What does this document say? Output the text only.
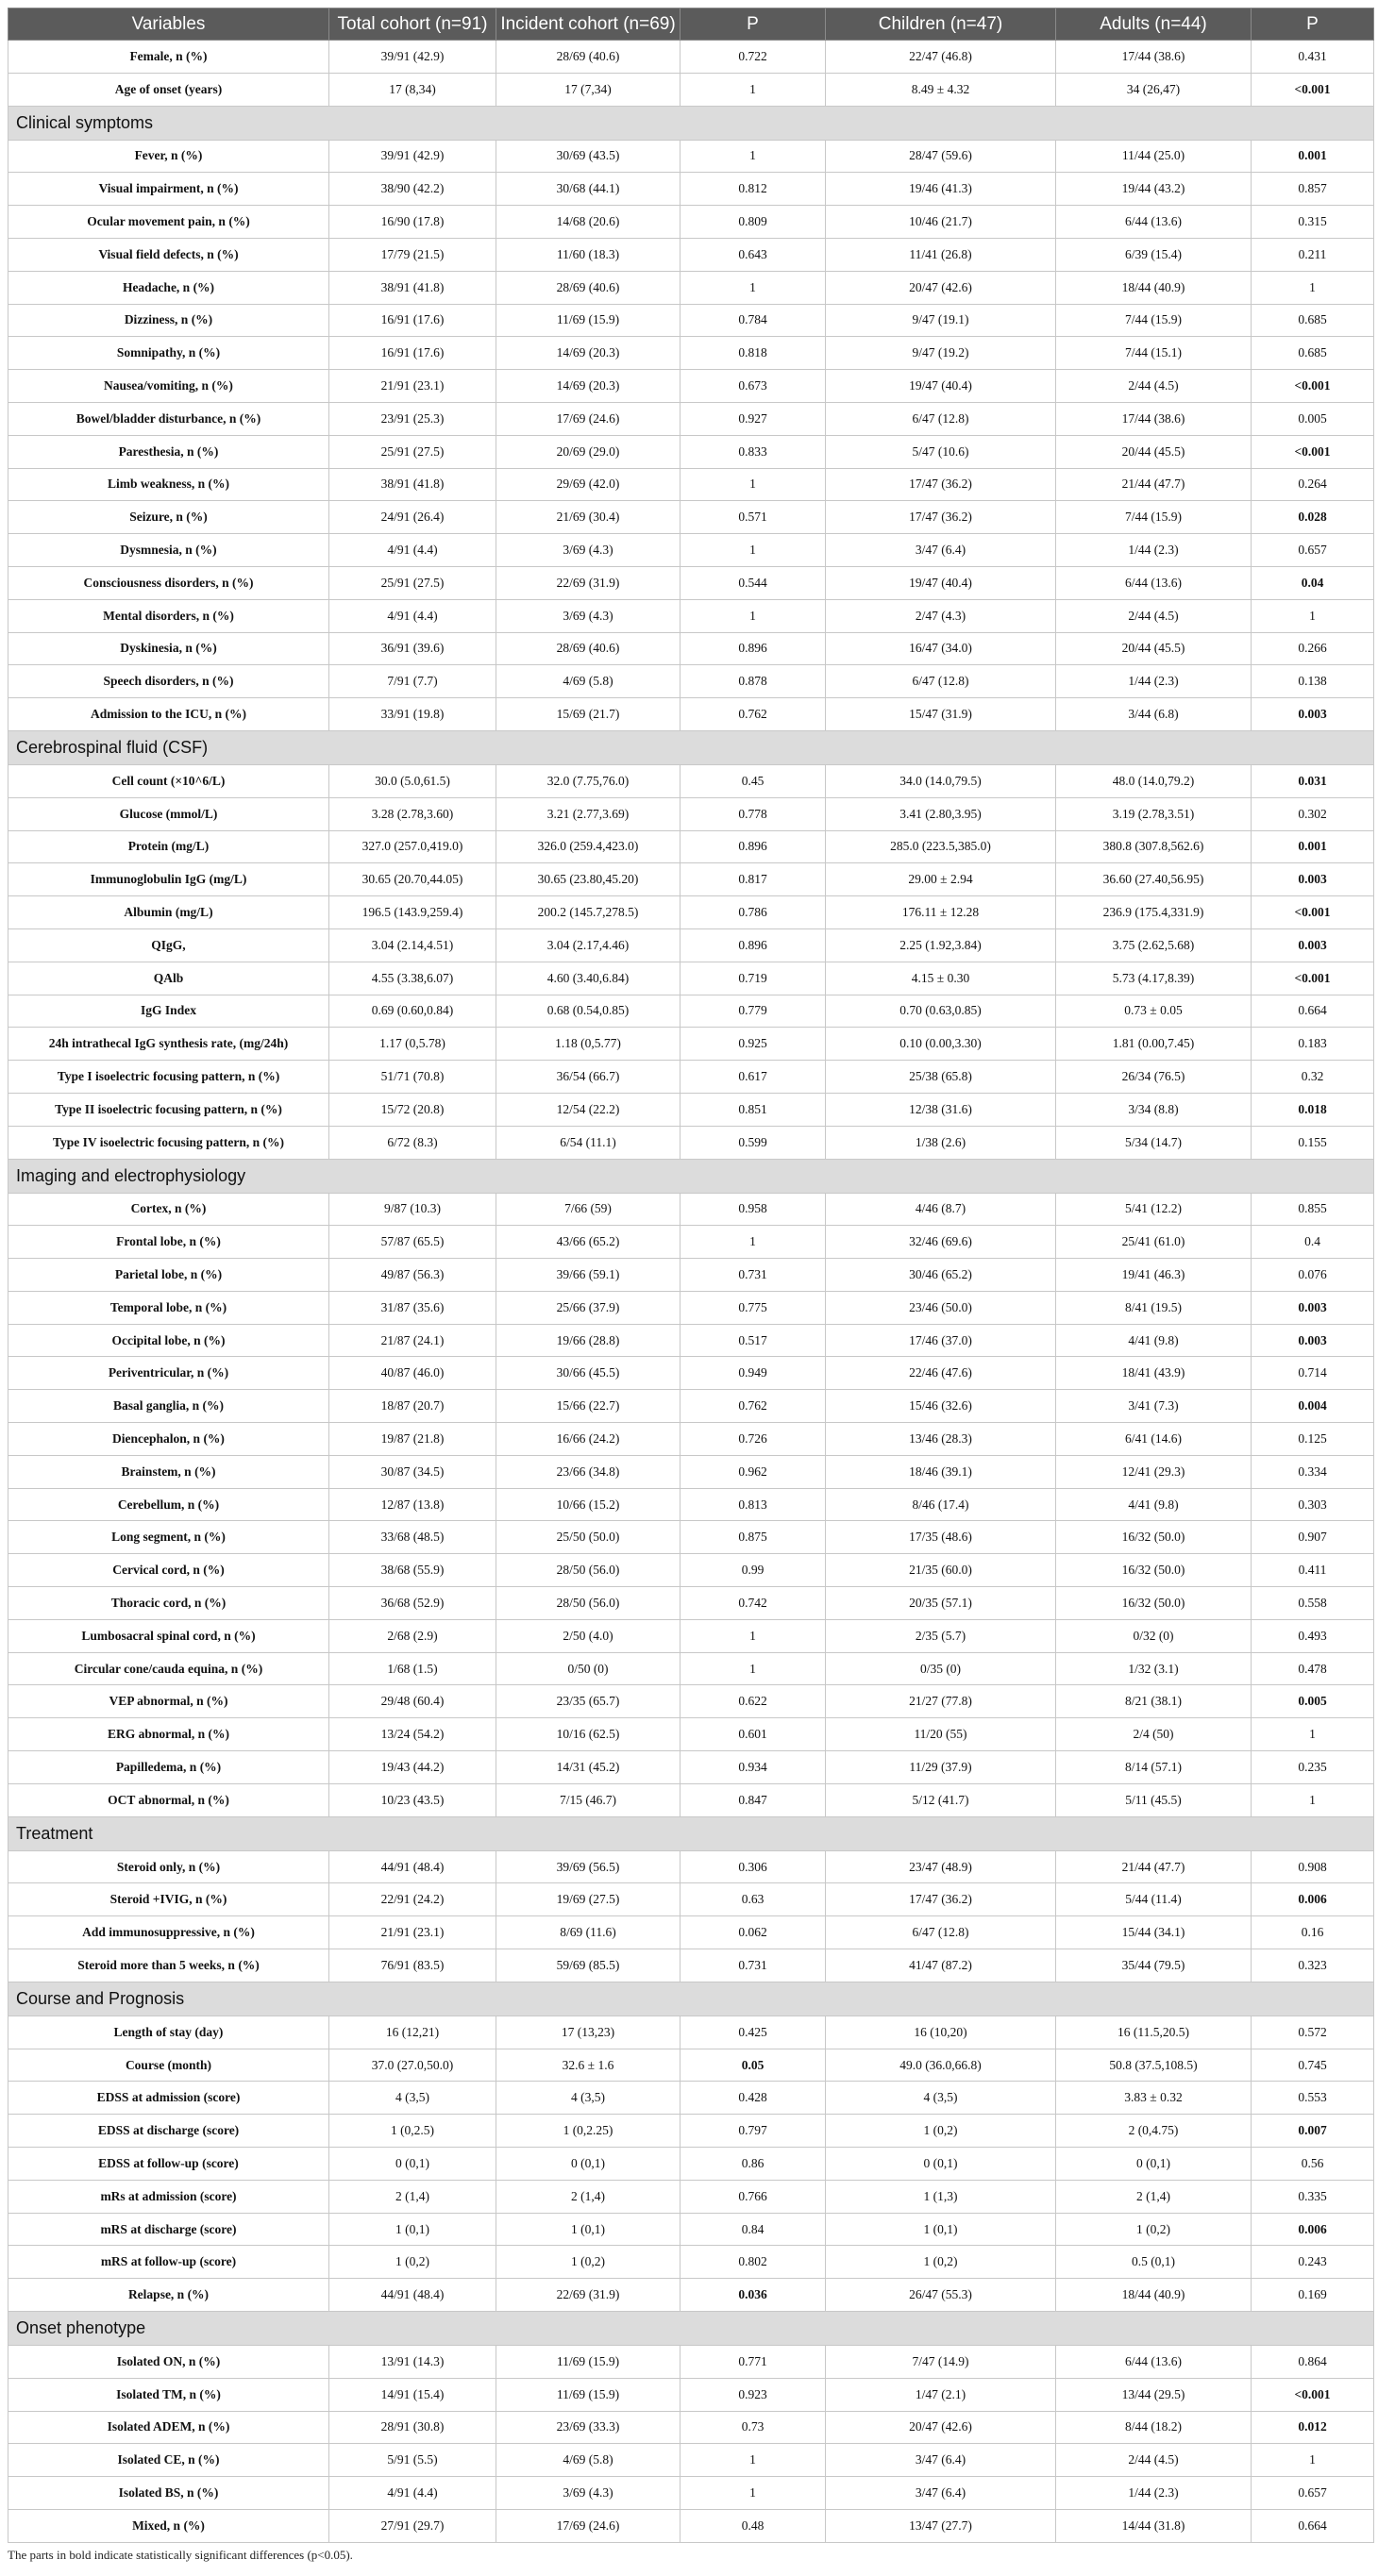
Variables	Total cohort (n=91)	Incident cohort (n=69)	P	Children (n=47)	Adults (n=44)	P
Female, n (%)	39/91 (42.9)	28/69 (40.6)	0.722	22/47 (46.8)	17/44 (38.6)	0.431
Age of onset (years)	17 (8,34)	17 (7,34)	1	8.49 ± 4.32	34 (26,47)	<0.001
Clinical symptoms						
Fever, n (%)	39/91 (42.9)	30/69 (43.5)	1	28/47 (59.6)	11/44 (25.0)	0.001
Visual impairment, n (%)	38/90 (42.2)	30/68 (44.1)	0.812	19/46 (41.3)	19/44 (43.2)	0.857
Ocular movement pain, n (%)	16/90 (17.8)	14/68 (20.6)	0.809	10/46 (21.7)	6/44 (13.6)	0.315
Visual field defects, n (%)	17/79 (21.5)	11/60 (18.3)	0.643	11/41 (26.8)	6/39 (15.4)	0.211
Headache, n (%)	38/91 (41.8)	28/69 (40.6)	1	20/47 (42.6)	18/44 (40.9)	1
Dizziness, n (%)	16/91 (17.6)	11/69 (15.9)	0.784	9/47 (19.1)	7/44 (15.9)	0.685
Somnipathy, n (%)	16/91 (17.6)	14/69 (20.3)	0.818	9/47 (19.2)	7/44 (15.1)	0.685
Nausea/vomiting, n (%)	21/91 (23.1)	14/69 (20.3)	0.673	19/47 (40.4)	2/44 (4.5)	<0.001
Bowel/bladder disturbance, n (%)	23/91 (25.3)	17/69 (24.6)	0.927	6/47 (12.8)	17/44 (38.6)	0.005
Paresthesia, n (%)	25/91 (27.5)	20/69 (29.0)	0.833	5/47 (10.6)	20/44 (45.5)	<0.001
Limb weakness, n (%)	38/91 (41.8)	29/69 (42.0)	1	17/47 (36.2)	21/44 (47.7)	0.264
Seizure, n (%)	24/91 (26.4)	21/69 (30.4)	0.571	17/47 (36.2)	7/44 (15.9)	0.028
Dysmnesia, n (%)	4/91 (4.4)	3/69 (4.3)	1	3/47 (6.4)	1/44 (2.3)	0.657
Consciousness disorders, n (%)	25/91 (27.5)	22/69 (31.9)	0.544	19/47 (40.4)	6/44 (13.6)	0.04
Mental disorders, n (%)	4/91 (4.4)	3/69 (4.3)	1	2/47 (4.3)	2/44 (4.5)	1
Dyskinesia, n (%)	36/91 (39.6)	28/69 (40.6)	0.896	16/47 (34.0)	20/44 (45.5)	0.266
Speech disorders, n (%)	7/91 (7.7)	4/69 (5.8)	0.878	6/47 (12.8)	1/44 (2.3)	0.138
Admission to the ICU, n (%)	33/91 (19.8)	15/69 (21.7)	0.762	15/47 (31.9)	3/44 (6.8)	0.003
Cerebrospinal fluid (CSF)						
Cell count (×10^6/L)	30.0 (5.0,61.5)	32.0 (7.75,76.0)	0.45	34.0 (14.0,79.5)	48.0 (14.0,79.2)	0.031
Glucose (mmol/L)	3.28 (2.78,3.60)	3.21 (2.77,3.69)	0.778	3.41 (2.80,3.95)	3.19 (2.78,3.51)	0.302
Protein (mg/L)	327.0 (257.0,419.0)	326.0 (259.4,423.0)	0.896	285.0 (223.5,385.0)	380.8 (307.8,562.6)	0.001
Immunoglobulin IgG (mg/L)	30.65 (20.70,44.05)	30.65 (23.80,45.20)	0.817	29.00 ± 2.94	36.60 (27.40,56.95)	0.003
Albumin (mg/L)	196.5 (143.9,259.4)	200.2 (145.7,278.5)	0.786	176.11 ± 12.28	236.9 (175.4,331.9)	<0.001
QIgG,	3.04 (2.14,4.51)	3.04 (2.17,4.46)	0.896	2.25 (1.92,3.84)	3.75 (2.62,5.68)	0.003
QAlb	4.55 (3.38,6.07)	4.60 (3.40,6.84)	0.719	4.15 ± 0.30	5.73 (4.17,8.39)	<0.001
IgG Index	0.69 (0.60,0.84)	0.68 (0.54,0.85)	0.779	0.70 (0.63,0.85)	0.73 ± 0.05	0.664
24h intrathecal IgG synthesis rate, (mg/24h)	1.17 (0,5.78)	1.18 (0,5.77)	0.925	0.10 (0.00,3.30)	1.81 (0.00,7.45)	0.183
Type I isoelectric focusing pattern, n (%)	51/71 (70.8)	36/54 (66.7)	0.617	25/38 (65.8)	26/34 (76.5)	0.32
Type II isoelectric focusing pattern, n (%)	15/72 (20.8)	12/54 (22.2)	0.851	12/38 (31.6)	3/34 (8.8)	0.018
Type IV isoelectric focusing pattern, n (%)	6/72 (8.3)	6/54 (11.1)	0.599	1/38 (2.6)	5/34 (14.7)	0.155
Imaging and electrophysiology						
Cortex, n (%)	9/87 (10.3)	7/66 (59)	0.958	4/46 (8.7)	5/41 (12.2)	0.855
Frontal lobe, n (%)	57/87 (65.5)	43/66 (65.2)	1	32/46 (69.6)	25/41 (61.0)	0.4
Parietal lobe, n (%)	49/87 (56.3)	39/66 (59.1)	0.731	30/46 (65.2)	19/41 (46.3)	0.076
Temporal lobe, n (%)	31/87 (35.6)	25/66 (37.9)	0.775	23/46 (50.0)	8/41 (19.5)	0.003
Occipital lobe, n (%)	21/87 (24.1)	19/66 (28.8)	0.517	17/46 (37.0)	4/41 (9.8)	0.003
Periventricular, n (%)	40/87 (46.0)	30/66 (45.5)	0.949	22/46 (47.6)	18/41 (43.9)	0.714
Basal ganglia, n (%)	18/87 (20.7)	15/66 (22.7)	0.762	15/46 (32.6)	3/41 (7.3)	0.004
Diencephalon, n (%)	19/87 (21.8)	16/66 (24.2)	0.726	13/46 (28.3)	6/41 (14.6)	0.125
Brainstem, n (%)	30/87 (34.5)	23/66 (34.8)	0.962	18/46 (39.1)	12/41 (29.3)	0.334
Cerebellum, n (%)	12/87 (13.8)	10/66 (15.2)	0.813	8/46 (17.4)	4/41 (9.8)	0.303
Long segment, n (%)	33/68 (48.5)	25/50 (50.0)	0.875	17/35 (48.6)	16/32 (50.0)	0.907
Cervical cord, n (%)	38/68 (55.9)	28/50 (56.0)	0.99	21/35 (60.0)	16/32 (50.0)	0.411
Thoracic cord, n (%)	36/68 (52.9)	28/50 (56.0)	0.742	20/35 (57.1)	16/32 (50.0)	0.558
Lumbosacral spinal cord, n (%)	2/68 (2.9)	2/50 (4.0)	1	2/35 (5.7)	0/32 (0)	0.493
Circular cone/cauda equina, n (%)	1/68 (1.5)	0/50 (0)	1	0/35 (0)	1/32 (3.1)	0.478
VEP abnormal, n (%)	29/48 (60.4)	23/35 (65.7)	0.622	21/27 (77.8)	8/21 (38.1)	0.005
ERG abnormal, n (%)	13/24 (54.2)	10/16 (62.5)	0.601	11/20 (55)	2/4 (50)	1
Papilledema, n (%)	19/43 (44.2)	14/31 (45.2)	0.934	11/29 (37.9)	8/14 (57.1)	0.235
OCT abnormal, n (%)	10/23 (43.5)	7/15 (46.7)	0.847	5/12 (41.7)	5/11 (45.5)	1
Treatment						
Steroid only, n (%)	44/91 (48.4)	39/69 (56.5)	0.306	23/47 (48.9)	21/44 (47.7)	0.908
Steroid +IVIG, n (%)	22/91 (24.2)	19/69 (27.5)	0.63	17/47 (36.2)	5/44 (11.4)	0.006
Add immunosuppressive, n (%)	21/91 (23.1)	8/69 (11.6)	0.062	6/47 (12.8)	15/44 (34.1)	0.16
Steroid more than 5 weeks, n (%)	76/91 (83.5)	59/69 (85.5)	0.731	41/47 (87.2)	35/44 (79.5)	0.323
Course and Prognosis						
Length of stay (day)	16 (12,21)	17 (13,23)	0.425	16 (10,20)	16 (11.5,20.5)	0.572
Course (month)	37.0 (27.0,50.0)	32.6 ± 1.6	0.05	49.0 (36.0,66.8)	50.8 (37.5,108.5)	0.745
EDSS at admission (score)	4 (3,5)	4 (3,5)	0.428	4 (3,5)	3.83 ± 0.32	0.553
EDSS at discharge (score)	1 (0,2.5)	1 (0,2.25)	0.797	1 (0,2)	2 (0,4.75)	0.007
EDSS at follow-up (score)	0 (0,1)	0 (0,1)	0.86	0 (0,1)	0 (0,1)	0.56
mRs at admission (score)	2 (1,4)	2 (1,4)	0.766	1 (1,3)	2 (1,4)	0.335
mRS at discharge (score)	1 (0,1)	1 (0,1)	0.84	1 (0,1)	1 (0,2)	0.006
mRS at follow-up (score)	1 (0,2)	1 (0,2)	0.802	1 (0,2)	0.5 (0,1)	0.243
Relapse, n (%)	44/91 (48.4)	22/69 (31.9)	0.036	26/47 (55.3)	18/44 (40.9)	0.169
Onset phenotype						
Isolated ON, n (%)	13/91 (14.3)	11/69 (15.9)	0.771	7/47 (14.9)	6/44 (13.6)	0.864
Isolated TM, n (%)	14/91 (15.4)	11/69 (15.9)	0.923	1/47 (2.1)	13/44 (29.5)	<0.001
Isolated ADEM, n (%)	28/91 (30.8)	23/69 (33.3)	0.73	20/47 (42.6)	8/44 (18.2)	0.012
Isolated CE, n (%)	5/91 (5.5)	4/69 (5.8)	1	3/47 (6.4)	2/44 (4.5)	1
Isolated BS, n (%)	4/91 (4.4)	3/69 (4.3)	1	3/47 (6.4)	1/44 (2.3)	0.657
Mixed, n (%)	27/91 (29.7)	17/69 (24.6)	0.48	13/47 (27.7)	14/44 (31.8)	0.664
The parts in bold indicate statistically significant differences (p<0.05).
